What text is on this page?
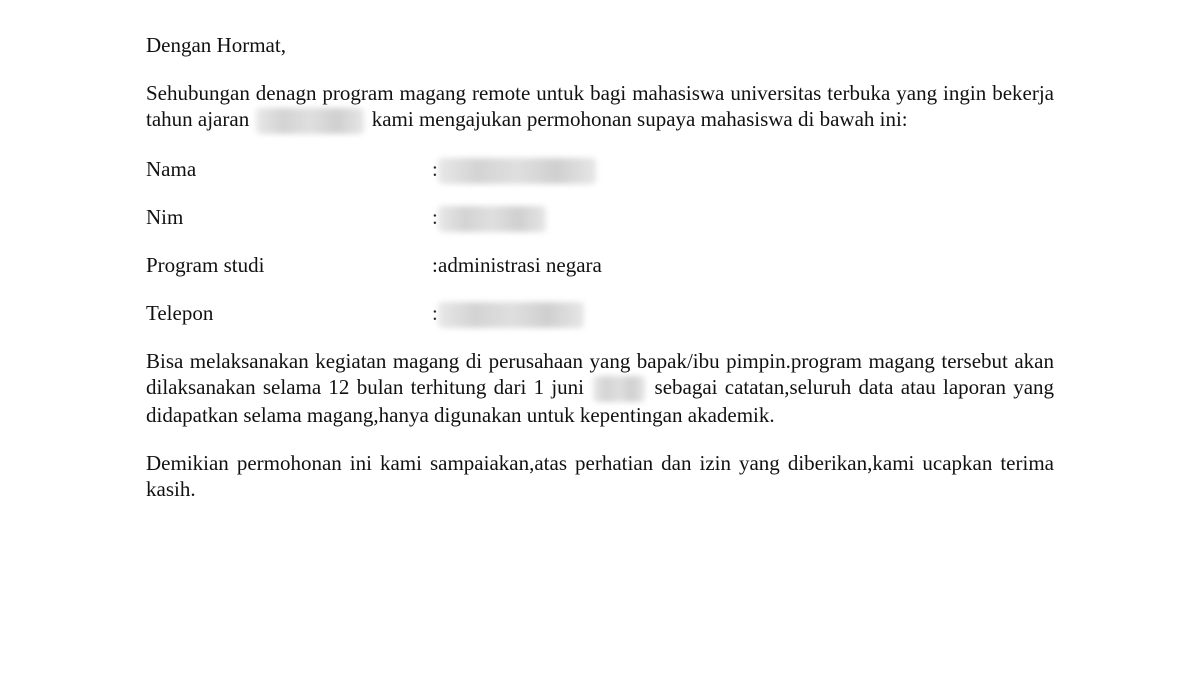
Dengan Hormat,

Sehubungan denagn program magang remote untuk bagi mahasiswa universitas terbuka yang ingin bekerja tahun ajaran	kami mengajukan permohonan supaya mahasiswa di bawah ini:

Nama	:
Nim	:
Program studi	: administrasi negara
Telepon	:

Bisa melaksanakan kegiatan magang di perusahaan yang bapak/ibu pimpin.program magang tersebut akan dilaksanakan selama 12 bulan terhitung dari 1 juni	sebagai catatan,seluruh data atau laporan yang didapatkan selama magang,hanya digunakan untuk kepentingan akademik.

Demikian permohonan ini kami sampaiakan,atas perhatian dan izin yang diberikan,kami ucapkan terima kasih.
